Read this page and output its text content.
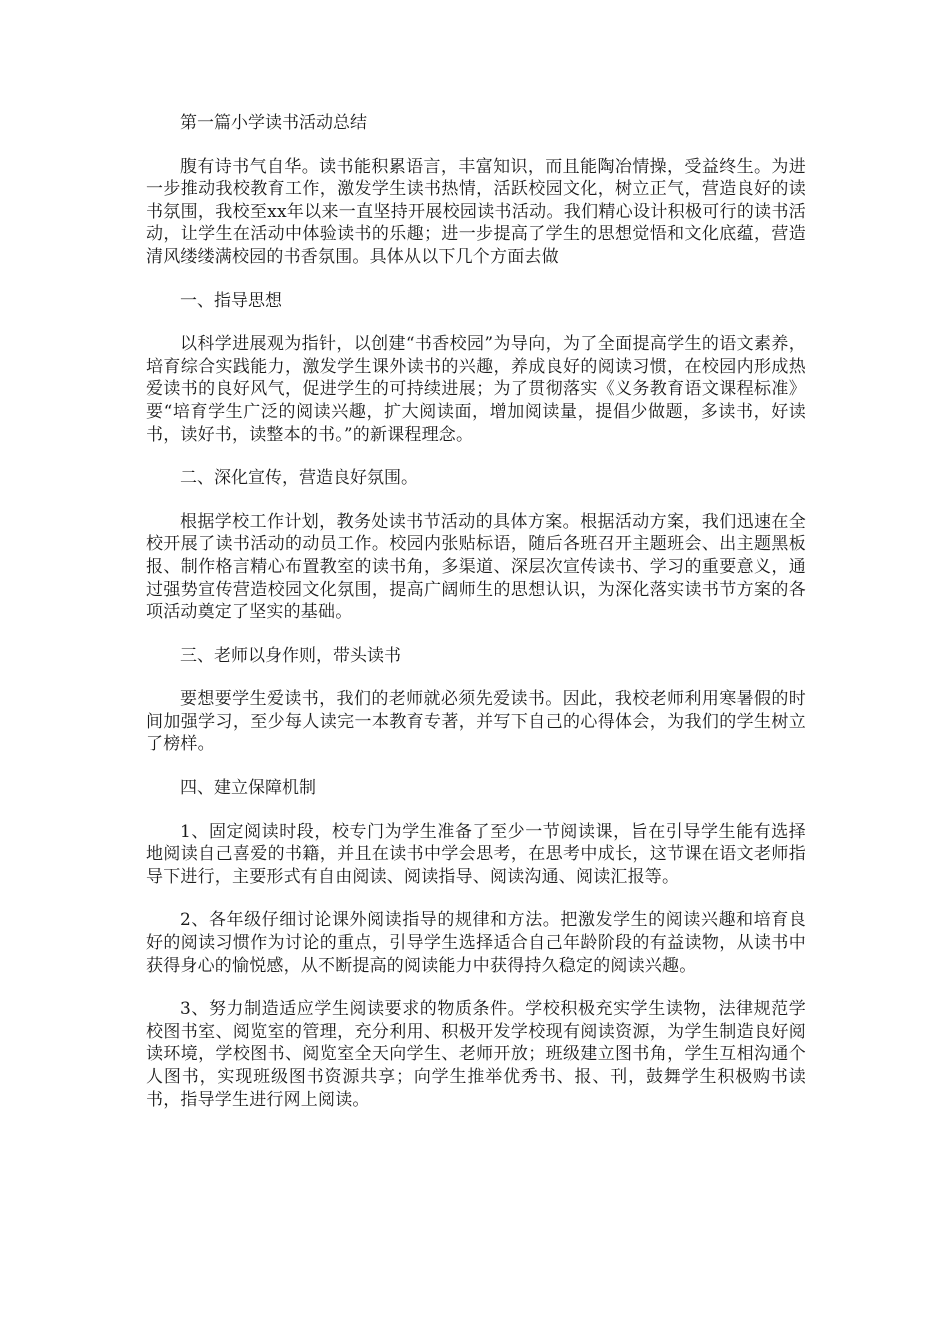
第一篇小学读书活动总结

腹有诗书气自华。读书能积累语言，丰富知识，而且能陶冶情操，受益终生。为进一步推动我校教育工作，激发学生读书热情，活跃校园文化，树立正气，营造良好的读书氛围，我校至xx年以来一直坚持开展校园读书活动。我们精心设计积极可行的读书活动，让学生在活动中体验读书的乐趣；进一步提高了学生的思想觉悟和文化底蕴，营造清风缕缕满校园的书香氛围。具体从以下几个方面去做

一、指导思想

以科学进展观为指针，以创建“书香校园”为导向，为了全面提高学生的语文素养，培育综合实践能力，激发学生课外读书的兴趣，养成良好的阅读习惯，在校园内形成热爱读书的良好风气，促进学生的可持续进展；为了贯彻落实《义务教育语文课程标准》要“培育学生广泛的阅读兴趣，扩大阅读面，增加阅读量，提倡少做题，多读书，好读书，读好书，读整本的书。”的新课程理念。

二、深化宣传，营造良好氛围。

根据学校工作计划，教务处读书节活动的具体方案。根据活动方案，我们迅速在全校开展了读书活动的动员工作。校园内张贴标语，随后各班召开主题班会、出主题黑板报、制作格言精心布置教室的读书角，多渠道、深层次宣传读书、学习的重要意义，通过强势宣传营造校园文化氛围，提高广阔师生的思想认识，为深化落实读书节方案的各项活动奠定了坚实的基础。

三、老师以身作则，带头读书

要想要学生爱读书，我们的老师就必须先爱读书。因此，我校老师利用寒暑假的时间加强学习，至少每人读完一本教育专著，并写下自己的心得体会，为我们的学生树立了榜样。

四、建立保障机制

1、固定阅读时段，校专门为学生准备了至少一节阅读课，旨在引导学生能有选择地阅读自己喜爱的书籍，并且在读书中学会思考，在思考中成长，这节课在语文老师指导下进行，主要形式有自由阅读、阅读指导、阅读沟通、阅读汇报等。

2、各年级仔细讨论课外阅读指导的规律和方法。把激发学生的阅读兴趣和培育良好的阅读习惯作为讨论的重点，引导学生选择适合自己年龄阶段的有益读物，从读书中获得身心的愉悦感，从不断提高的阅读能力中获得持久稳定的阅读兴趣。

3、努力制造适应学生阅读要求的物质条件。学校积极充实学生读物，法律规范学校图书室、阅览室的管理，充分利用、积极开发学校现有阅读资源，为学生制造良好阅读环境，学校图书、阅览室全天向学生、老师开放；班级建立图书角，学生互相沟通个人图书，实现班级图书资源共享；向学生推举优秀书、报、刊，鼓舞学生积极购书读书，指导学生进行网上阅读。
